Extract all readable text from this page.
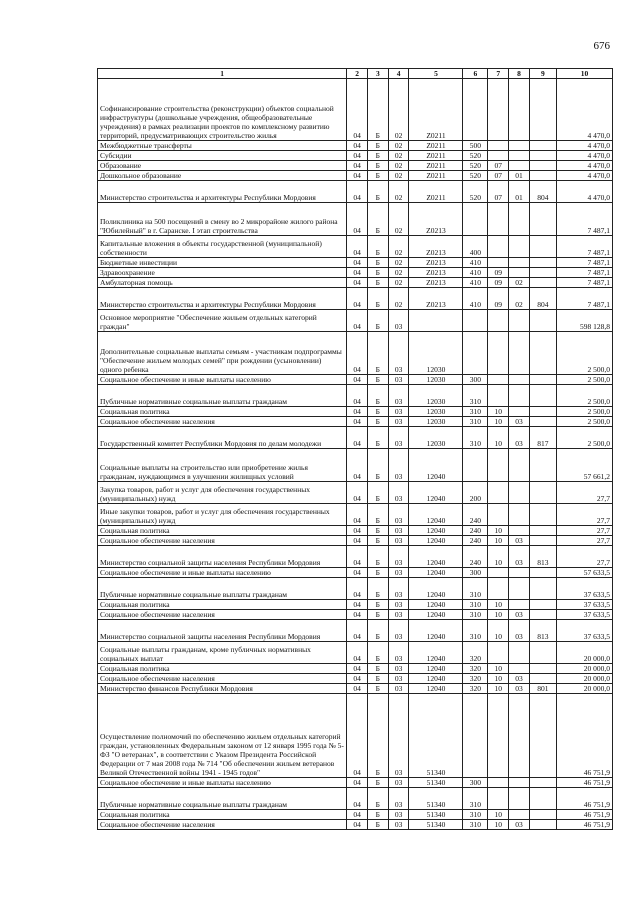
676
1	2	3	4	5	6	7	8	9	10
Софинансирование строительства (реконструкции) объектов социальной инфраструктуры (дошкольные учреждения, общеобразовательные учреждения) в рамках реализации проектов по комплексному развитию территорий, предусматривающих строительство жилья	04	Б	02	Z0211					4 470,0
Межбюджетные трансферты	04	Б	02	Z0211	500				4 470,0
Субсидии	04	Б	02	Z0211	520				4 470,0
Образование	04	Б	02	Z0211	520	07			4 470,0
Дошкольное образование	04	Б	02	Z0211	520	07	01		4 470,0
Министерство строительства и архитектуры Республики Мордовия	04	Б	02	Z0211	520	07	01	804	4 470,0
Поликлиника на 500 посещений в смену во 2 микрорайоне жилого района "Юбилейный" в г. Саранске. I этап строительства	04	Б	02	Z0213					7 487,1
Капитальные вложения в объекты государственной (муниципальной) собственности	04	Б	02	Z0213	400				7 487,1
Бюджетные инвестиции	04	Б	02	Z0213	410				7 487,1
Здравоохранение	04	Б	02	Z0213	410	09			7 487,1
Амбулаторная помощь	04	Б	02	Z0213	410	09	02		7 487,1
Министерство строительства и архитектуры Республики Мордовия	04	Б	02	Z0213	410	09	02	804	7 487,1
Основное мероприятие "Обеспечение жильем отдельных категорий граждан"	04	Б	03						598 128,8
Дополнительные социальные выплаты семьям - участникам подпрограммы "Обеспечение жильем молодых семей" при рождении (усыновлении) одного ребенка	04	Б	03	12030					2 500,0
Социальное обеспечение и иные выплаты населению	04	Б	03	12030	300				2 500,0
Публичные нормативные социальные выплаты гражданам	04	Б	03	12030	310				2 500,0
Социальная политика	04	Б	03	12030	310	10			2 500,0
Социальное обеспечение населения	04	Б	03	12030	310	10	03		2 500,0
Государственный комитет Республики Мордовия по делам молодежи	04	Б	03	12030	310	10	03	817	2 500,0
Социальные выплаты на строительство или приобретение жилья гражданам, нуждающимся в улучшении жилищных условий	04	Б	03	12040					57 661,2
Закупка товаров, работ и услуг для обеспечения государственных (муниципальных) нужд	04	Б	03	12040	200				27,7
Иные закупки товаров, работ и услуг для обеспечения государственных (муниципальных) нужд	04	Б	03	12040	240				27,7
Социальная политика	04	Б	03	12040	240	10			27,7
Социальное обеспечение населения	04	Б	03	12040	240	10	03		27,7
Министерство социальной защиты населения Республики Мордовия	04	Б	03	12040	240	10	03	813	27,7
Социальное обеспечение и иные выплаты населению	04	Б	03	12040	300				57 633,5
Публичные нормативные социальные выплаты гражданам	04	Б	03	12040	310				37 633,5
Социальная политика	04	Б	03	12040	310	10			37 633,5
Социальное обеспечение населения	04	Б	03	12040	310	10	03		37 633,5
Министерство социальной защиты населения Республики Мордовия	04	Б	03	12040	310	10	03	813	37 633,5
Социальные выплаты гражданам, кроме публичных нормативных социальных выплат	04	Б	03	12040	320				20 000,0
Социальная политика	04	Б	03	12040	320	10			20 000,0
Социальное обеспечение населения	04	Б	03	12040	320	10	03		20 000,0
Министерство финансов Республики Мордовия	04	Б	03	12040	320	10	03	801	20 000,0
Осуществление полномочий по обеспечению жильем отдельных категорий граждан, установленных Федеральным законом от 12 января 1995 года № 5-ФЗ "О ветеранах", в соответствии с Указом Президента Российской Федерации от 7 мая 2008 года № 714 "Об обеспечении жильем ветеранов Великой Отечественной войны 1941 - 1945 годов"	04	Б	03	51340					46 751,9
Социальное обеспечение и иные выплаты населению	04	Б	03	51340	300				46 751,9
Публичные нормативные социальные выплаты гражданам	04	Б	03	51340	310				46 751,9
Социальная политика	04	Б	03	51340	310	10			46 751,9
Социальное обеспечение населения	04	Б	03	51340	310	10	03		46 751,9
